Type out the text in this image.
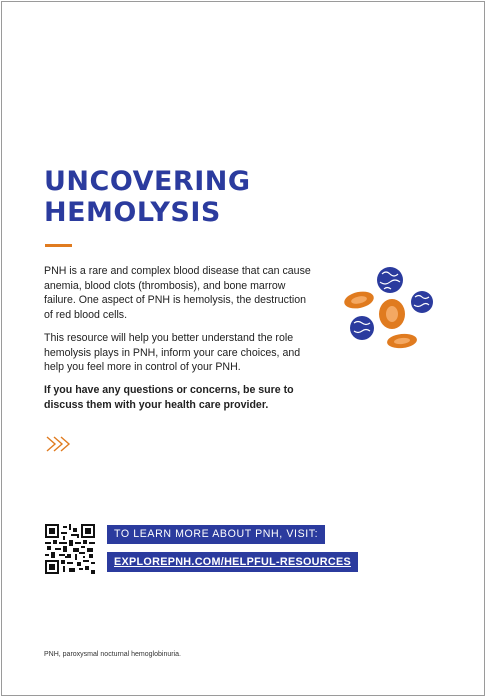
UNCOVERING
HEMOLYSIS
PNH is a rare and complex blood disease that can cause anemia, blood clots (thrombosis), and bone marrow failure. One aspect of PNH is hemolysis, the destruction of red blood cells.
This resource will help you better understand the role hemolysis plays in PNH, inform your care choices, and help you feel more in control of your PNH.
If you have any questions or concerns, be sure to discuss them with your health care provider.
TO LEARN MORE ABOUT PNH, VISIT:
EXPLOREPNH.COM/HELPFUL-RESOURCES
PNH, paroxysmal nocturnal hemoglobinuria.
